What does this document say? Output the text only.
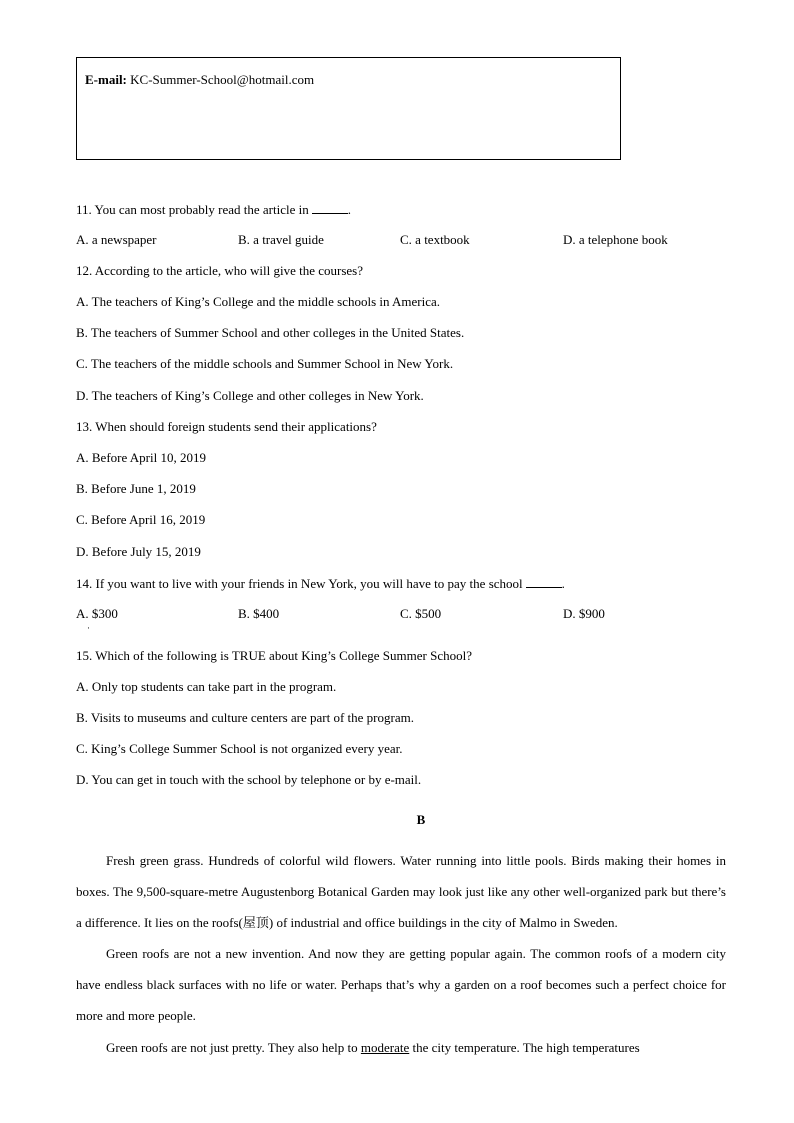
E-mail: KC-Summer-School@hotmail.com
11. You can most probably read the article in	.
A. a newspaper	B. a travel guide	C. a textbook	D. a telephone book
12. According to the article, who will give the courses?
A. The teachers of King’s College and the middle schools in America.
B. The teachers of Summer School and other colleges in the United States.
C. The teachers of the middle schools and Summer School in New York.
D. The teachers of King’s College and other colleges in New York.
13. When should foreign students send their applications?
A. Before April 10, 2019
B. Before June 1, 2019
C. Before April 16, 2019
D. Before July 15, 2019
14. If you want to live with your friends in New York, you will have to pay the school	.
A. $300	B. $400	C. $500	D. $900
·
15. Which of the following is TRUE about King’s College Summer School?
A. Only top students can take part in the program.
B. Visits to museums and culture centers are part of the program.
C. King’s College Summer School is not organized every year.
D. You can get in touch with the school by telephone or by e-mail.
B
Fresh green grass. Hundreds of colorful wild flowers. Water running into little pools. Birds making their homes in boxes. The 9,500-square-metre Augustenborg Botanical Garden may look just like any other well-organized park but there’s a difference. It lies on the roofs(屋顶) of industrial and office buildings in the city of Malmo in Sweden.
Green roofs are not a new invention. And now they are getting popular again. The common roofs of a modern city have endless black surfaces with no life or water. Perhaps that’s why a garden on a roof becomes such a perfect choice for more and more people.
Green roofs are not just pretty. They also help to moderate the city temperature. The high temperatures
